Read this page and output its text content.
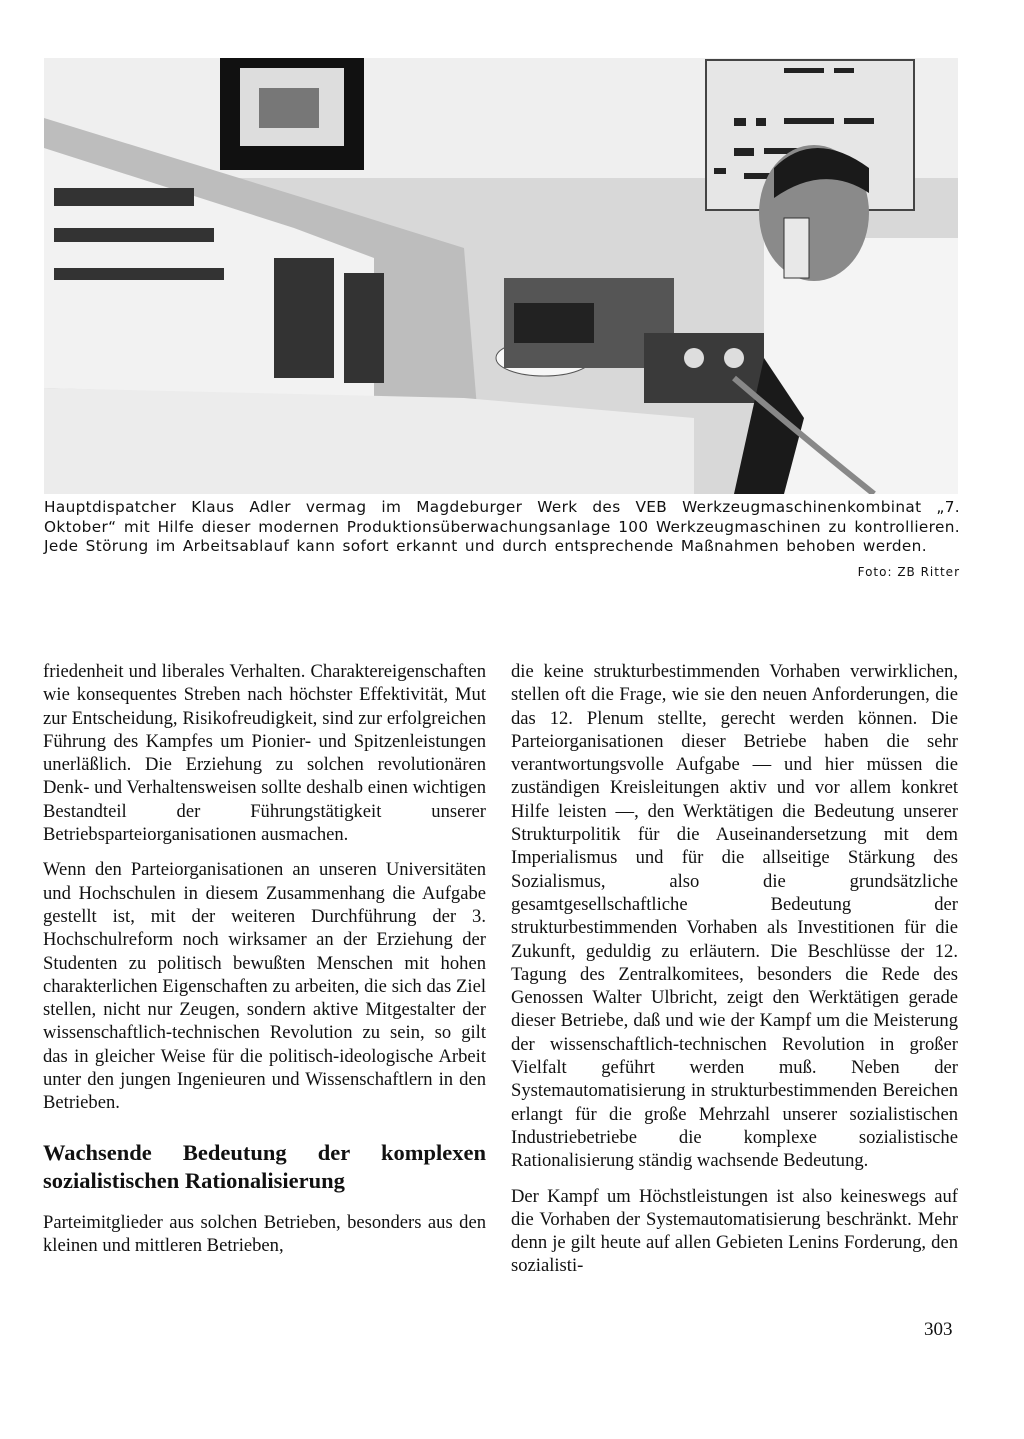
Hauptdispatcher Klaus Adler vermag im Magdeburger Werk des VEB Werkzeugmaschinenkombinat „7. Oktober“ mit Hilfe dieser modernen Produktionsüberwachungsanlage 100 Werkzeugmaschinen zu kontrollieren. Jede Störung im Arbeitsablauf kann sofort erkannt und durch entsprechende Maßnahmen behoben werden.

Foto: ZB Ritter

friedenheit und liberales Verhalten. Charaktereigenschaften wie konsequentes Streben nach höchster Effektivität, Mut zur Entscheidung, Risikofreudigkeit, sind zur erfolgreichen Führung des Kampfes um Pionier- und Spitzenleistungen unerläßlich. Die Erziehung zu solchen revolutionären Denk- und Verhaltensweisen sollte deshalb einen wichtigen Bestandteil der Führungstätigkeit unserer Betriebsparteiorganisationen ausmachen.

Wenn den Parteiorganisationen an unseren Universitäten und Hochschulen in diesem Zusammenhang die Aufgabe gestellt ist, mit der weiteren Durchführung der 3. Hochschulreform noch wirksamer an der Erziehung der Studenten zu politisch bewußten Menschen mit hohen charakterlichen Eigenschaften zu arbeiten, die sich das Ziel stellen, nicht nur Zeugen, sondern aktive Mitgestalter der wissenschaftlich-technischen Revolution zu sein, so gilt das in gleicher Weise für die politisch-ideologische Arbeit unter den jungen Ingenieuren und Wissenschaftlern in den Betrieben.

Wachsende Bedeutung der komplexen sozialistischen Rationalisierung

Parteimitglieder aus solchen Betrieben, besonders aus den kleinen und mittleren Betrieben,

die keine strukturbestimmenden Vorhaben verwirklichen, stellen oft die Frage, wie sie den neuen Anforderungen, die das 12. Plenum stellte, gerecht werden können. Die Parteiorganisationen dieser Betriebe haben die sehr verantwortungsvolle Aufgabe — und hier müssen die zuständigen Kreisleitungen aktiv und vor allem konkret Hilfe leisten —, den Werktätigen die Bedeutung unserer Strukturpolitik für die Auseinandersetzung mit dem Imperialismus und für die allseitige Stärkung des Sozialismus, also die grundsätzliche gesamtgesellschaftliche Bedeutung der strukturbestimmenden Vorhaben als Investitionen für die Zukunft, geduldig zu erläutern. Die Beschlüsse der 12. Tagung des Zentralkomitees, besonders die Rede des Genossen Walter Ulbricht, zeigt den Werktätigen gerade dieser Betriebe, daß und wie der Kampf um die Meisterung der wissenschaftlich-technischen Revolution in großer Vielfalt geführt werden muß. Neben der Systemautomatisierung in strukturbestimmenden Bereichen erlangt für die große Mehrzahl unserer sozialistischen Industriebetriebe die komplexe sozialistische Rationalisierung ständig wachsende Bedeutung.

Der Kampf um Höchstleistungen ist also keineswegs auf die Vorhaben der Systemautomatisierung beschränkt. Mehr denn je gilt heute auf allen Gebieten Lenins Forderung, den sozialisti-

303
